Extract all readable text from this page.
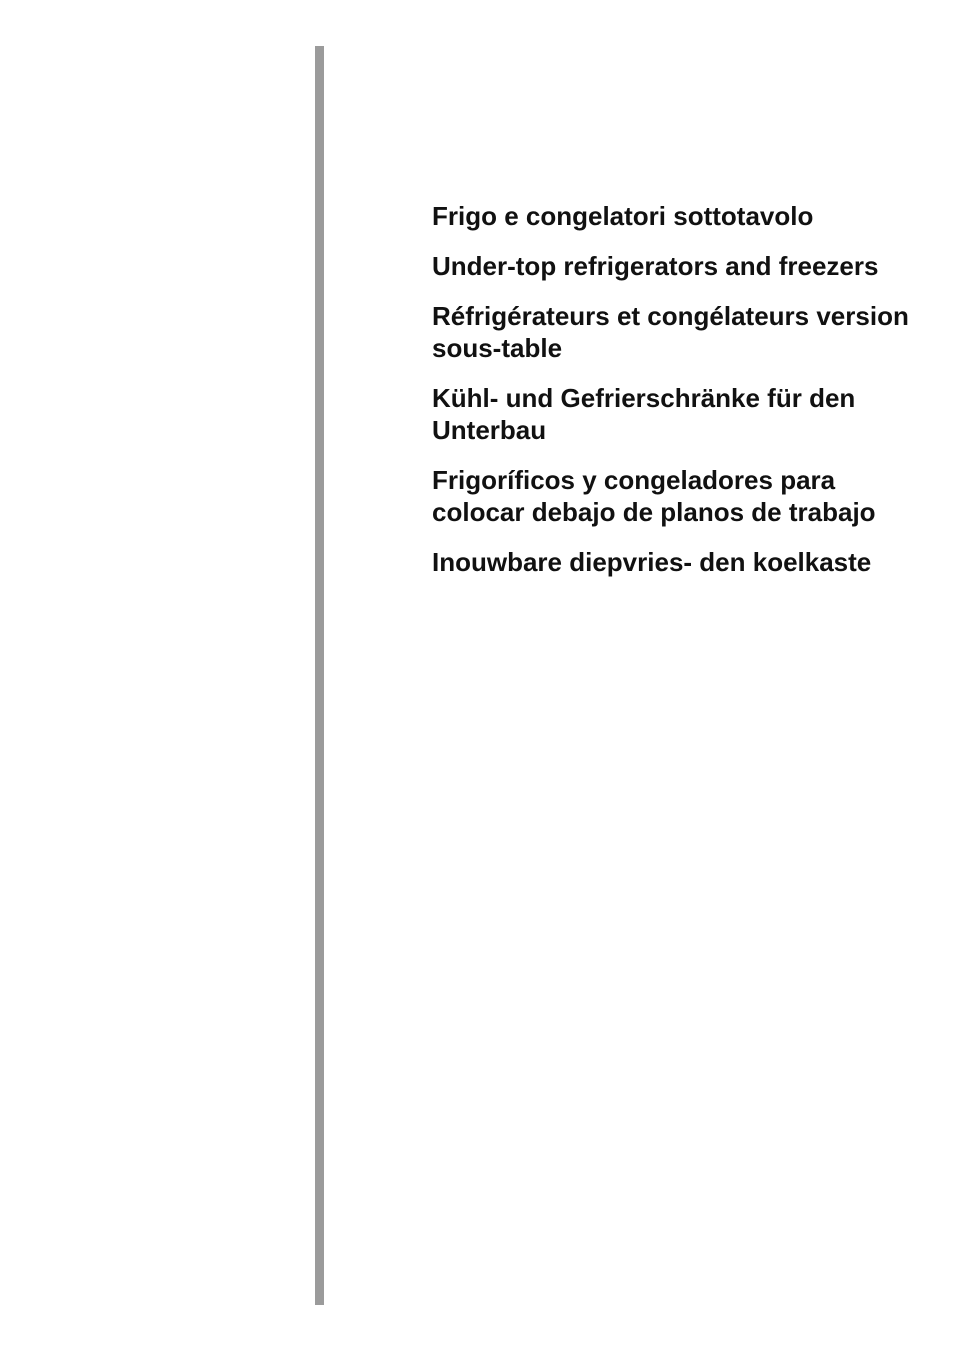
Frigo e congelatori sottotavolo
Under-top refrigerators and freezers
Réfrigérateurs et congélateurs version sous-table
Kühl- und Gefrierschränke für den Unterbau
Frigoríficos y congeladores para colocar debajo de planos de trabajo
Inouwbare diepvries- den koelkaste
